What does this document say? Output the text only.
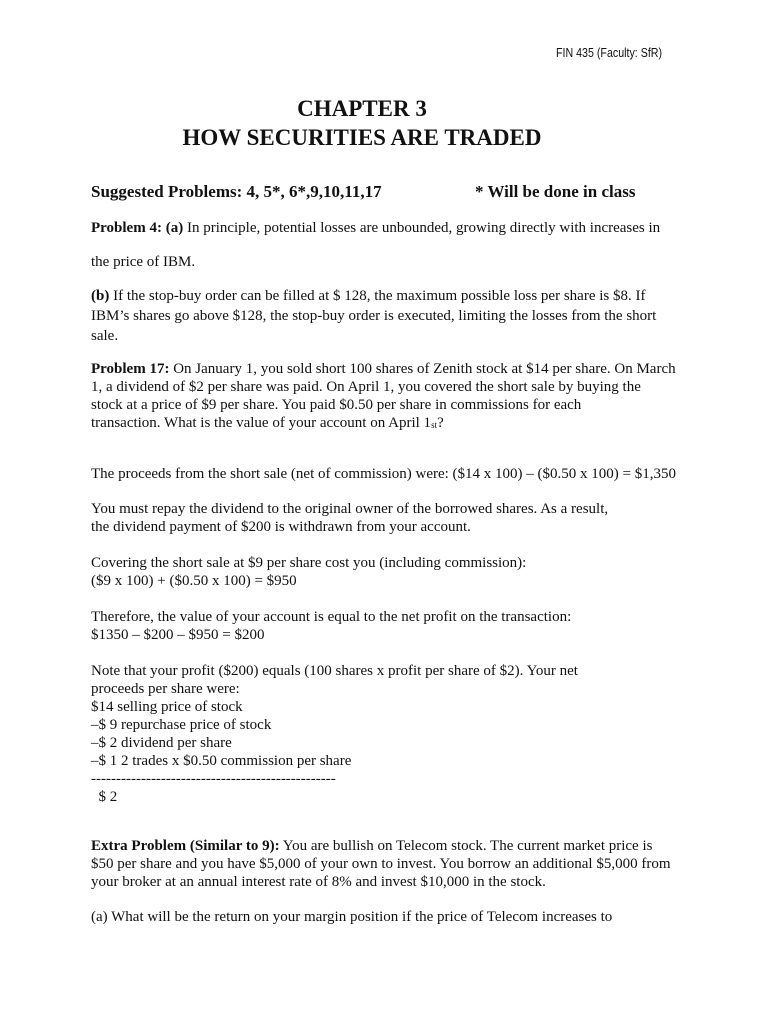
FIN 435 (Faculty: SfR)
CHAPTER 3
HOW SECURITIES ARE TRADED
Suggested Problems: 4, 5*, 6*,9,10,11,17	* Will be done in class
Problem 4: (a) In principle, potential losses are unbounded, growing directly with increases in
the price of IBM.
(b) If the stop-buy order can be filled at $ 128, the maximum possible loss per share is $8. If
IBM’s shares go above $128, the stop-buy order is executed, limiting the losses from the short
sale.
Problem 17: On January 1, you sold short 100 shares of Zenith stock at $14 per share. On March
1, a dividend of $2 per share was paid. On April 1, you covered the short sale by buying the
stock at a price of $9 per share. You paid $0.50 per share in commissions for each
transaction. What is the value of your account on April 1st?
The proceeds from the short sale (net of commission) were: ($14 x 100) – ($0.50 x 100) = $1,350
You must repay the dividend to the original owner of the borrowed shares. As a result,
the dividend payment of $200 is withdrawn from your account.
Covering the short sale at $9 per share cost you (including commission):
($9 x 100) + ($0.50 x 100) = $950
Therefore, the value of your account is equal to the net profit on the transaction:
$1350 – $200 – $950 = $200
Note that your profit ($200) equals (100 shares x profit per share of $2). Your net
proceeds per share were:
$14 selling price of stock
–$ 9 repurchase price of stock
–$ 2 dividend per share
–$ 1 2 trades x $0.50 commission per share
-------------------------------------------------
$ 2
Extra Problem (Similar to 9): You are bullish on Telecom stock. The current market price is
$50 per share and you have $5,000 of your own to invest. You borrow an additional $5,000 from
your broker at an annual interest rate of 8% and invest $10,000 in the stock.
(a) What will be the return on your margin position if the price of Telecom increases to
